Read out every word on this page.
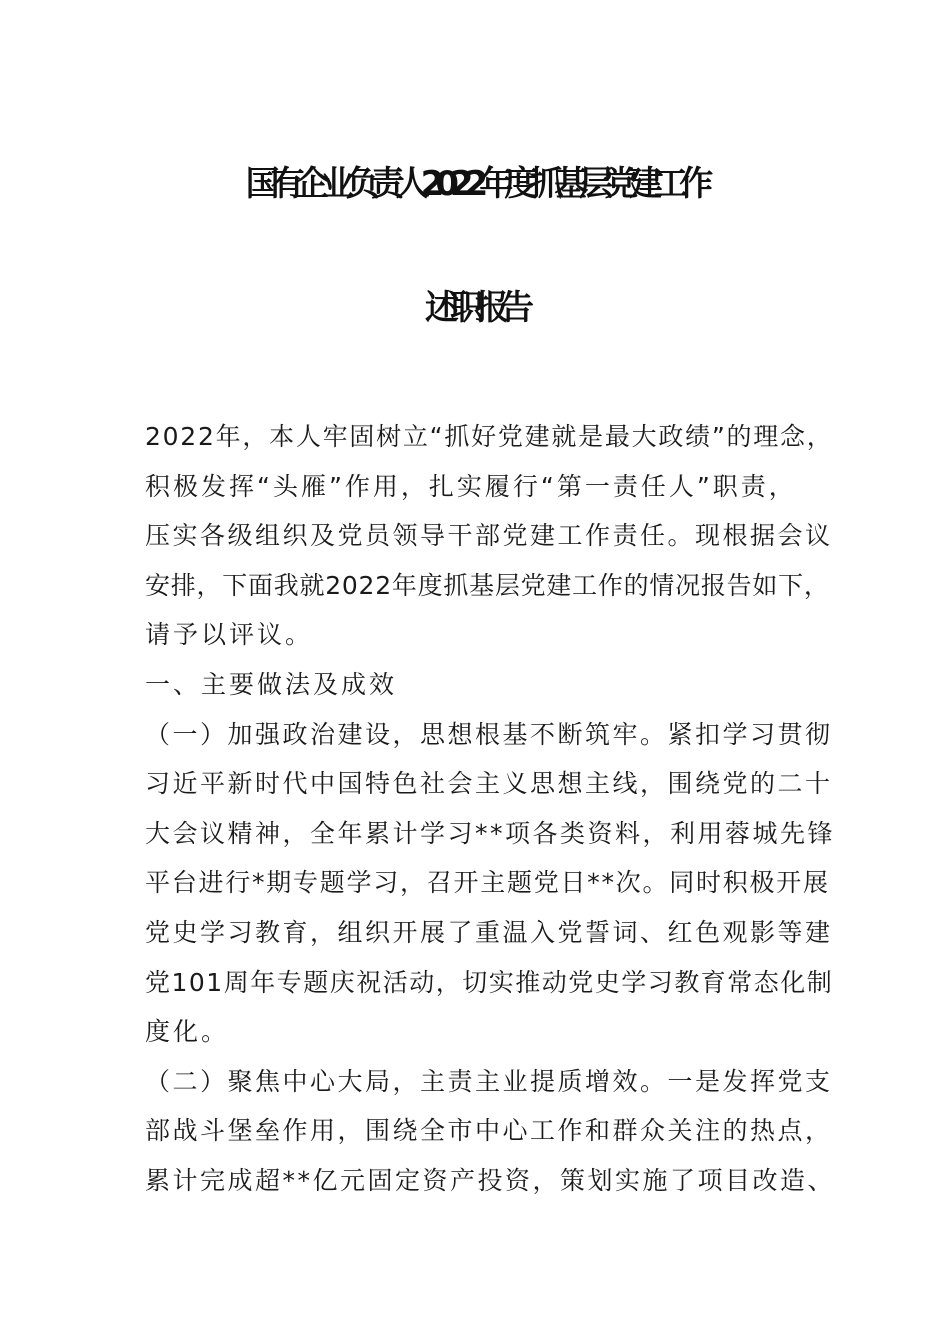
国有企业负责人2022年度抓基层党建工作
述职报告
2022年，本人牢固树立“抓好党建就是最大政绩”的理念，
积极发挥“头雁”作用，扎实履行“第一责任人”职责，
压实各级组织及党员领导干部党建工作责任。现根据会议
安排，下面我就2022年度抓基层党建工作的情况报告如下，
请予以评议。
一、主要做法及成效
（一）加强政治建设，思想根基不断筑牢。紧扣学习贯彻
习近平新时代中国特色社会主义思想主线，围绕党的二十
大会议精神，全年累计学习**项各类资料，利用蓉城先锋
平台进行*期专题学习，召开主题党日**次。同时积极开展
党史学习教育，组织开展了重温入党誓词、红色观影等建
党101周年专题庆祝活动，切实推动党史学习教育常态化制
度化。
（二）聚焦中心大局，主责主业提质增效。一是发挥党支
部战斗堡垒作用，围绕全市中心工作和群众关注的热点，
累计完成超**亿元固定资产投资，策划实施了项目改造、
